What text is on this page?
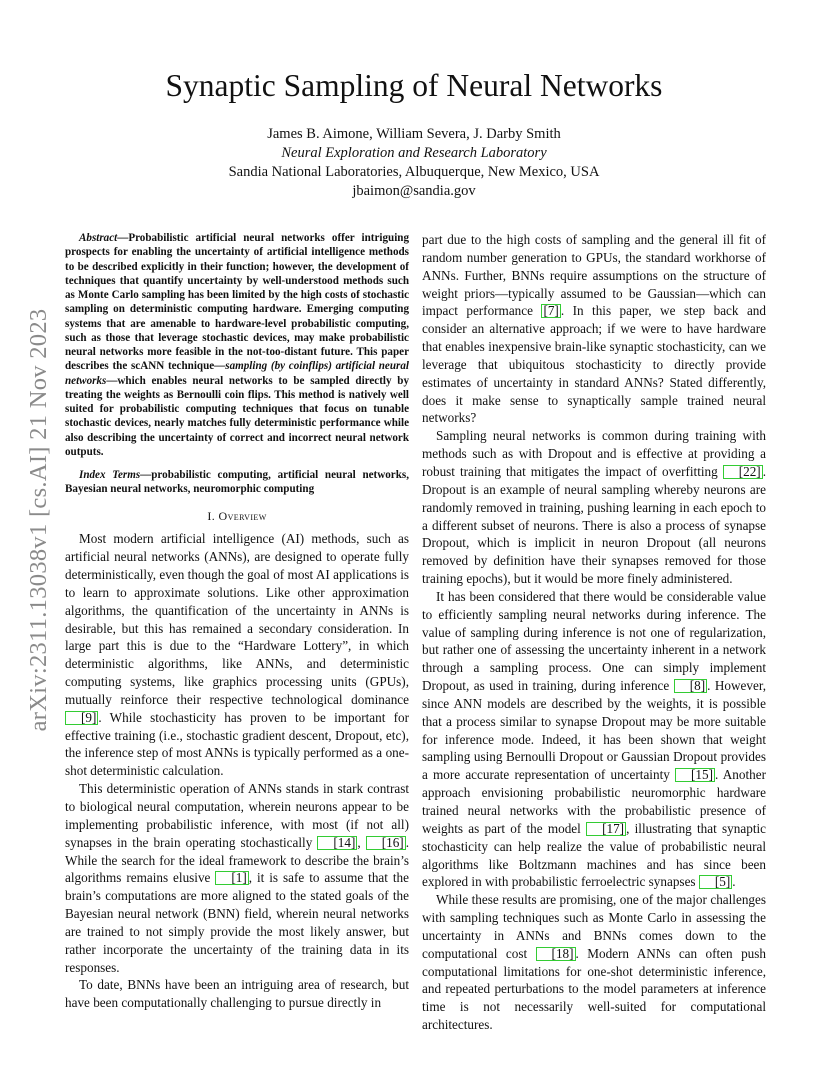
arXiv:2311.13038v1 [cs.AI] 21 Nov 2023
Synaptic Sampling of Neural Networks
James B. Aimone, William Severa, J. Darby Smith
Neural Exploration and Research Laboratory
Sandia National Laboratories, Albuquerque, New Mexico, USA
jbaimon@sandia.gov

Abstract—Probabilistic artificial neural networks offer intriguing prospects for enabling the uncertainty of artificial intelligence methods to be described explicitly in their function; however, the development of techniques that quantify uncertainty by well-understood methods such as Monte Carlo sampling has been limited by the high costs of stochastic sampling on deterministic computing hardware. Emerging computing systems that are amenable to hardware-level probabilistic computing, such as those that leverage stochastic devices, may make probabilistic neural networks more feasible in the not-too-distant future. This paper describes the scANN technique—sampling (by coinflips) artificial neural networks—which enables neural networks to be sampled directly by treating the weights as Bernoulli coin flips. This method is natively well suited for probabilistic computing techniques that focus on tunable stochastic devices, nearly matches fully deterministic performance while also describing the uncertainty of correct and incorrect neural network outputs.

Index Terms—probabilistic computing, artificial neural networks, Bayesian neural networks, neuromorphic computing

I. Overview

Most modern artificial intelligence (AI) methods, such as artificial neural networks (ANNs), are designed to operate fully deterministically, even though the goal of most AI applications is to learn to approximate solutions. Like other approximation algorithms, the quantification of the uncertainty in ANNs is desirable, but this has remained a secondary consideration. In large part this is due to the “Hardware Lottery”, in which deterministic algorithms, like ANNs, and deterministic computing systems, like graphics processing units (GPUs), mutually reinforce their respective technological dominance [9] . While stochasticity has proven to be important for effective training (i.e., stochastic gradient descent, Dropout, etc), the inference step of most ANNs is typically performed as a one-shot deterministic calculation.

This deterministic operation of ANNs stands in stark contrast to biological neural computation, wherein neurons appear to be implementing probabilistic inference, with most (if not all) synapses in the brain operating stochastically [14] , [16] . While the search for the ideal framework to describe the brain’s algorithms remains elusive [1] , it is safe to assume that the brain’s computations are more aligned to the stated goals of the Bayesian neural network (BNN) field, wherein neural networks are trained to not simply provide the most likely answer, but rather incorporate the uncertainty of the training data in its responses.

To date, BNNs have been an intriguing area of research, but have been computationally challenging to pursue directly in

part due to the high costs of sampling and the general ill fit of random number generation to GPUs, the standard workhorse of ANNs. Further, BNNs require assumptions on the structure of weight priors—typically assumed to be Gaussian—which can impact performance [7] . In this paper, we step back and consider an alternative approach; if we were to have hardware that enables inexpensive brain-like synaptic stochasticity, can we leverage that ubiquitous stochasticity to directly provide estimates of uncertainty in standard ANNs? Stated differently, does it make sense to synaptically sample trained neural networks?

Sampling neural networks is common during training with methods such as with Dropout and is effective at providing a robust training that mitigates the impact of overfitting [22] . Dropout is an example of neural sampling whereby neurons are randomly removed in training, pushing learning in each epoch to a different subset of neurons. There is also a process of synapse Dropout, which is implicit in neuron Dropout (all neurons removed by definition have their synapses removed for those training epochs), but it would be more finely administered.

It has been considered that there would be considerable value to efficiently sampling neural networks during inference. The value of sampling during inference is not one of regularization, but rather one of assessing the uncertainty inherent in a network through a sampling process. One can simply implement Dropout, as used in training, during inference [8] . However, since ANN models are described by the weights, it is possible that a process similar to synapse Dropout may be more suitable for inference mode. Indeed, it has been shown that weight sampling using Bernoulli Dropout or Gaussian Dropout provides a more accurate representation of uncertainty [15] . Another approach envisioning probabilistic neuromorphic hardware trained neural networks with the probabilistic presence of weights as part of the model [17] , illustrating that synaptic stochasticity can help realize the value of probabilistic neural algorithms like Boltzmann machines and has since been explored in with probabilistic ferroelectric synapses [5] .

While these results are promising, one of the major challenges with sampling techniques such as Monte Carlo in assessing the uncertainty in ANNs and BNNs comes down to the computational cost [18] . Modern ANNs can often push computational limitations for one-shot deterministic inference, and repeated perturbations to the model parameters at inference time is not necessarily well-suited for computational architectures.
